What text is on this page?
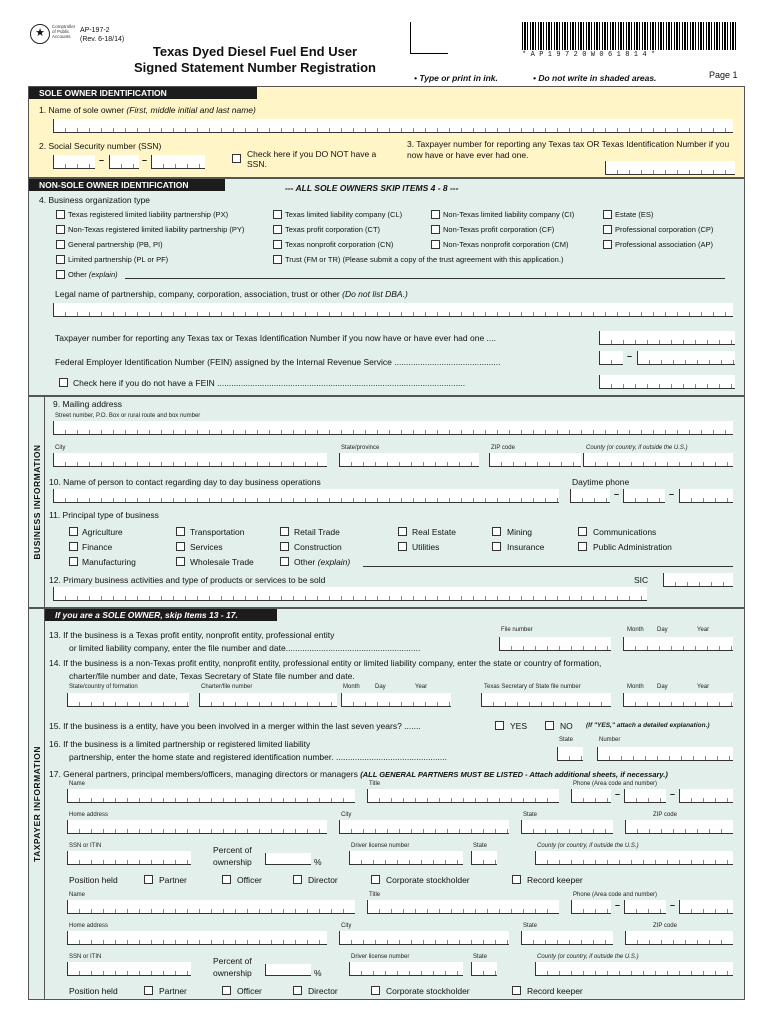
★
Comptroller of Public Accounts
AP-197-2
(Rev. 6-18/14)
Texas Dyed Diesel Fuel End User
Signed Statement Number Registration
*AP19720W061814*
• Type or print in ink.	• Do not write in shaded areas.	Page 1
SOLE OWNER IDENTIFICATION
1. Name of sole owner (First, middle initial and last name)
2. Social Security number (SSN)
–	–
Check here if you DO NOT have a SSN.
3. Taxpayer number for reporting any Texas tax OR Texas Identification Number if you now have or have ever had one.
NON-SOLE OWNER IDENTIFICATION	--- ALL SOLE OWNERS SKIP ITEMS 4 - 8 ---
4. Business organization type
Texas registered limited liability partnership (PX)
Non-Texas registered limited liability partnership (PY)
General partnership (PB, PI)
Limited partnership (PL or PF)
Texas limited liability company (CL)
Texas profit corporation (CT)
Texas nonprofit corporation (CN)
Trust (FM or TR) (Please submit a copy of the trust agreement with this application.)
Non-Texas limited liability company (CI)
Non-Texas profit corporation (CF)
Non-Texas nonprofit corporation (CM)
Estate (ES)
Professional corporation (CP)
Professional association (AP)
Other (explain)
Legal name of partnership, company, corporation, association, trust or other (Do not list DBA.)
Taxpayer number for reporting any Texas tax or Texas Identification Number if you now have or have ever had one ....
Federal Employer Identification Number (FEIN) assigned by the Internal Revenue Service .............................................
–
Check here if you do not have a FEIN .........................................................................................................
BUSINESS INFORMATION
9. Mailing address
Street number, P.O. Box or rural route and box number
City	State/province	ZIP code	County (or country, if outside the U.S.)
10. Name of person to contact regarding day to day business operations	Daytime phone
–	–
11. Principal type of business
Agriculture	Transportation	Retail Trade	Real Estate	Mining	Communications
Finance	Services	Construction	Utilities	Insurance	Public Administration
Manufacturing	Wholesale Trade	Other (explain)
12. Primary business activities and type of products or services to be sold	SIC
TAXPAYER INFORMATION
If you are a SOLE OWNER, skip Items 13 - 17.
13. If the business is a Texas profit entity, nonprofit entity, professional entity
or limited liability company, enter the file number and date.........................................................
File number	Month Day	Year
14. If the business is a non-Texas profit entity, nonprofit entity, professional entity or limited liability company, enter the state or country of formation,
charter/file number and date, Texas Secretary of State file number and date.
State/country of formation	Charter/file number	Month	Day	Year	Texas Secretary of State file number	Month Day	Year
15. If the business is a entity, have you been involved in a merger within the last seven years? .......	YES	NO (If "YES," attach a detailed explanation.)
16. If the business is a limited partnership or registered limited liability
partnership, enter the home state and registered identification number. ...............................................
State	Number
17. General partners, principal members/officers, managing directors or managers (ALL GENERAL PARTNERS MUST BE LISTED - Attach additional sheets, if necessary.)
Name	Title	Phone (Area code and number)
–	–
Home address	City	State	ZIP code
SSN or ITIN	Percent of
ownership	%
Driver license number	State	County (or country, if outside the U.S.)
Position held	Partner	Officer	Director	Corporate stockholder	Record keeper
Name	Title	Phone (Area code and number)
–	–
Home address	City	State	ZIP code
SSN or ITIN	Percent of
ownership	%
Driver license number	State	County (or country, if outside the U.S.)
Position held	Partner	Officer	Director	Corporate stockholder	Record keeper
